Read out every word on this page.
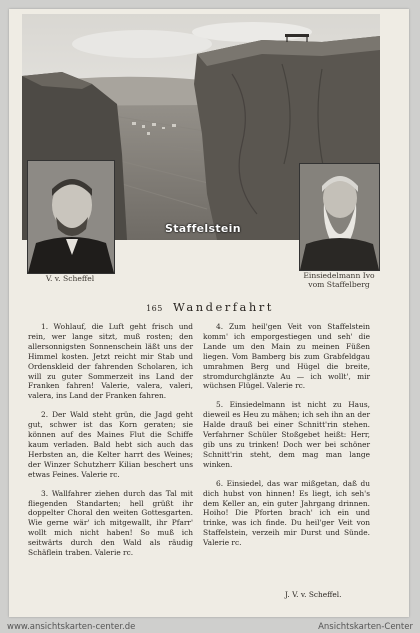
Staffelstein
V. v. Scheffel	Einsiedelmann Ivo
vom Staffelberg
165 Wanderfahrt

1. Wohlauf, die Luft geht frisch und rein, wer lange sitzt, muß rosten; den allersonnigsten Sonnenschein läßt uns der Himmel kosten. Jetzt reicht mir Stab und Ordenskleid der fahrenden Scholaren, ich will zu guter Sommerzeit ins Land der Franken fahren! Valerie, valera, valeri, valera, ins Land der Franken fahren.

2. Der Wald steht grün, die Jagd geht gut, schwer ist das Korn geraten; sie können auf des Maines Flut die Schiffe kaum verladen. Bald hebt sich auch das Herbsten an, die Kelter harrt des Weines; der Winzer Schutzherr Kilian beschert uns etwas Feines. Valerie rc.

3. Wallfahrer ziehen durch das Tal mit fliegenden Standarten; hell grüßt ihr doppelter Choral den weiten Gottesgarten. Wie gerne wär' ich mitgewallt, ihr Pfarr' wollt mich nicht haben! So muß ich seitwärts durch den Wald als räudig Schäflein traben. Valerie rc.

4. Zum heil'gen Veit von Staffelstein komm' ich emporgestiegen und seh' die Lande um den Main zu meinen Füßen liegen. Vom Bamberg bis zum Grabfeldgau umrahmen Berg und Hügel die breite, stromdurchglänzte Au — ich wollt', mir wüchsen Flügel. Valerie rc.

5. Einsiedelmann ist nicht zu Haus, dieweil es Heu zu mähen; ich seh ihn an der Halde drauß bei einer Schnitt'rin stehen. Verfahrner Schüler Stoßgebet heißt: Herr, gib uns zu trinken! Doch wer bei schöner Schnitt'rin steht, dem mag man lange winken.

6. Einsiedel, das war mißgetan, daß du dich hubst von hinnen! Es liegt, ich seh's dem Keller an, ein guter Jahrgang drinnen. Hoiho! Die Pforten brach' ich ein und trinke, was ich finde. Du heil'ger Veit von Staffelstein, verzeih mir Durst und Sünde. Valerie rc.

J. V. v. Scheffel.
www.ansichtskarten-center.de	Ansichtskarten-Center
